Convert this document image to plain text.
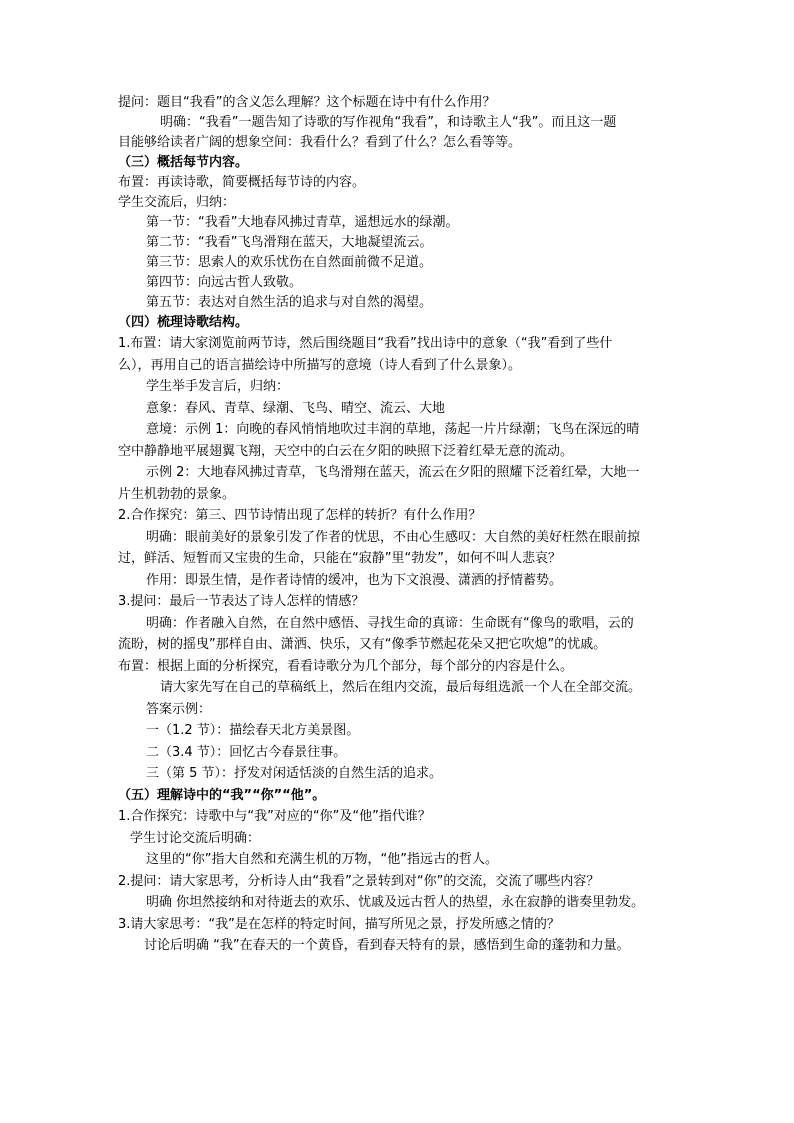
提问：题目“我看”的含义怎么理解？这个标题在诗中有什么作用？
明确：“我看”一题告知了诗歌的写作视角“我看”，和诗歌主人“我”。而且这一题
目能够给读者广阔的想象空间：我看什么？看到了什么？怎么看等等。
（三）概括每节内容。
布置：再读诗歌，简要概括每节诗的内容。
学生交流后，归纳：
第一节：“我看”大地春风拂过青草，遥想远水的绿潮。
第二节：“我看”飞鸟滑翔在蓝天，大地凝望流云。
第三节：思索人的欢乐忧伤在自然面前微不足道。
第四节：向远古哲人致敬。
第五节：表达对自然生活的追求与对自然的渴望。
（四）梳理诗歌结构。
1.布置：请大家浏览前两节诗，然后围绕题目“我看”找出诗中的意象（“我”看到了些什
么），再用自己的语言描绘诗中所描写的意境（诗人看到了什么景象）。
学生举手发言后，归纳：
意象：春风、青草、绿潮、飞鸟、晴空、流云、大地
意境：示例 1：向晚的春风悄悄地吹过丰润的草地，荡起一片片绿潮；飞鸟在深远的晴
空中静静地平展翅翼飞翔，天空中的白云在夕阳的映照下泛着红晕无意的流动。
示例 2：大地春风拂过青草，飞鸟滑翔在蓝天，流云在夕阳的照耀下泛着红晕，大地一
片生机勃勃的景象。
2.合作探究：第三、四节诗情出现了怎样的转折？有什么作用？
明确：眼前美好的景象引发了作者的忧思，不由心生感叹：大自然的美好枉然在眼前掠
过，鲜活、短暂而又宝贵的生命，只能在“寂静”里“勃发”，如何不叫人悲哀？
作用：即景生情，是作者诗情的缓冲，也为下文浪漫、潇洒的抒情蓄势。
3.提问：最后一节表达了诗人怎样的情感？
明确：作者融入自然，在自然中感悟、寻找生命的真谛：生命既有“像鸟的歌唱，云的
流盼，树的摇曳”那样自由、潇洒、快乐，又有“像季节燃起花朵又把它吹熄”的忧戚。
布置：根据上面的分析探究，看看诗歌分为几个部分，每个部分的内容是什么。
请大家先写在自己的草稿纸上，然后在组内交流，最后每组选派一个人在全部交流。
答案示例：
一（1.2 节）：描绘春天北方美景图。
二（3.4 节）：回忆古今春景往事。
三（第 5 节）：抒发对闲适恬淡的自然生活的追求。
（五）理解诗中的“我”“你”“他”。
1.合作探究：诗歌中与“我”对应的“你”及“他”指代谁？
学生讨论交流后明确：
这里的“你”指大自然和充满生机的万物，“他”指远古的哲人。
2.提问：请大家思考，分析诗人由“我看”之景转到对“你”的交流，交流了哪些内容？
明确 你坦然接纳和对待逝去的欢乐、忧戚及远古哲人的热望，永在寂静的谐奏里勃发。
3.请大家思考：“我”是在怎样的特定时间，描写所见之景，抒发所感之情的？
讨论后明确 “我”在春天的一个黄昏，看到春天特有的景，感悟到生命的蓬勃和力量。
